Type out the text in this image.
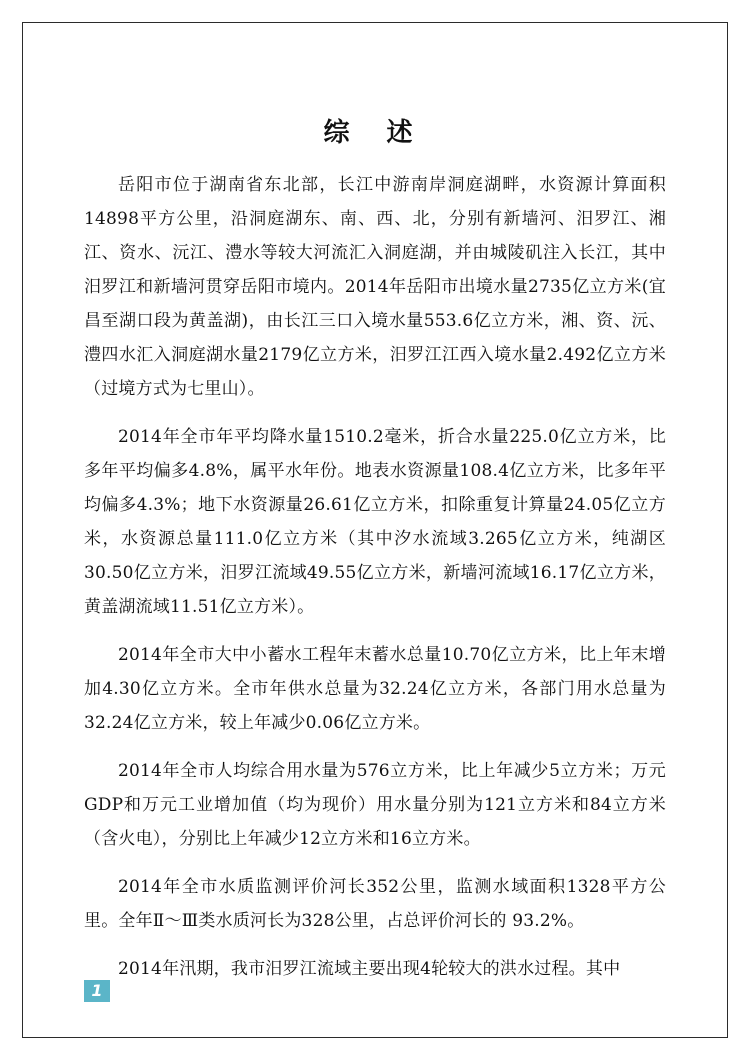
综 述

岳阳市位于湖南省东北部，长江中游南岸洞庭湖畔，水资源计算面积14898平方公里，沿洞庭湖东、南、西、北，分别有新墙河、汨罗江、湘江、资水、沅江、澧水等较大河流汇入洞庭湖，并由城陵矶注入长江，其中汨罗江和新墙河贯穿岳阳市境内。2014年岳阳市出境水量2735亿立方米(宜昌至湖口段为黄盖湖)，由长江三口入境水量553.6亿立方米，湘、资、沅、澧四水汇入洞庭湖水量2179亿立方米，汨罗江江西入境水量2.492亿立方米（过境方式为七里山）。

2014年全市年平均降水量1510.2毫米，折合水量225.0亿立方米，比多年平均偏多4.8%，属平水年份。地表水资源量108.4亿立方米，比多年平均偏多4.3%；地下水资源量26.61亿立方米，扣除重复计算量24.05亿立方米，水资源总量111.0亿立方米（其中汐水流域3.265亿立方米，纯湖区30.50亿立方米，汨罗江流域49.55亿立方米，新墙河流域16.17亿立方米，黄盖湖流域11.51亿立方米）。

2014年全市大中小蓄水工程年末蓄水总量10.70亿立方米，比上年末增加4.30亿立方米。全市年供水总量为32.24亿立方米，各部门用水总量为32.24亿立方米，较上年减少0.06亿立方米。

2014年全市人均综合用水量为576立方米，比上年减少5立方米；万元GDP和万元工业增加值（均为现价）用水量分别为121立方米和84立方米（含火电），分别比上年减少12立方米和16立方米。

2014年全市水质监测评价河长352公里，监测水域面积1328平方公里。全年Ⅱ～Ⅲ类水质河长为328公里，占总评价河长的 93.2%。

2014年汛期，我市汨罗江流域主要出现4轮较大的洪水过程。其中

1
